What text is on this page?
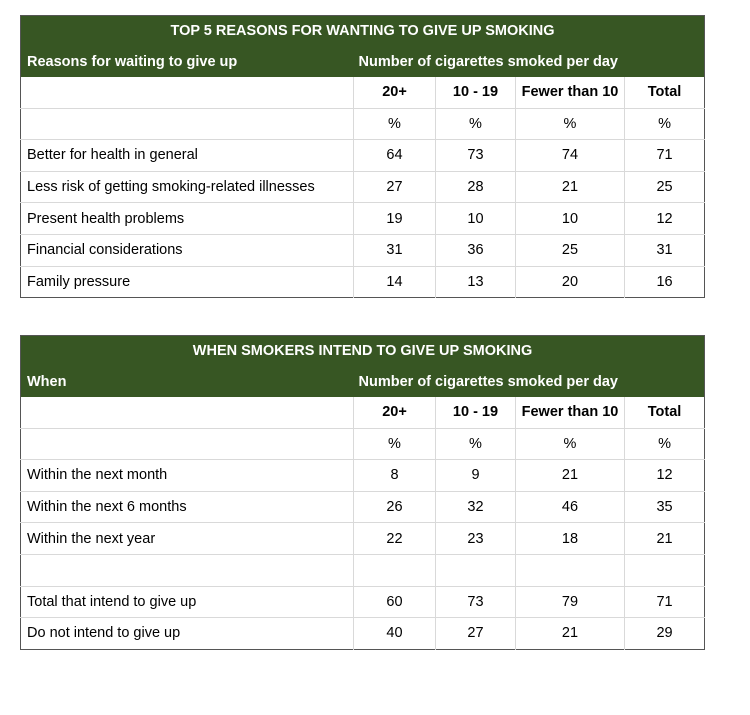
TOP 5 REASONS FOR WANTING TO GIVE UP SMOKING				
Reasons for waiting to give up	Number of cigarettes smoked per day			
	20+	10 - 19	Fewer than 10	Total
	%	%	%	%
Better for health in general	64	73	74	71
Less risk of getting smoking-related illnesses	27	28	21	25
Present health problems	19	10	10	12
Financial considerations	31	36	25	31
Family pressure	14	13	20	16
WHEN SMOKERS INTEND TO GIVE UP SMOKING				
When	Number of cigarettes smoked per day			
	20+	10 - 19	Fewer than 10	Total
	%	%	%	%
Within the next month	8	9	21	12
Within the next 6 months	26	32	46	35
Within the next year	22	23	18	21

Total that intend to give up	60	73	79	71
Do not intend to give up	40	27	21	29
